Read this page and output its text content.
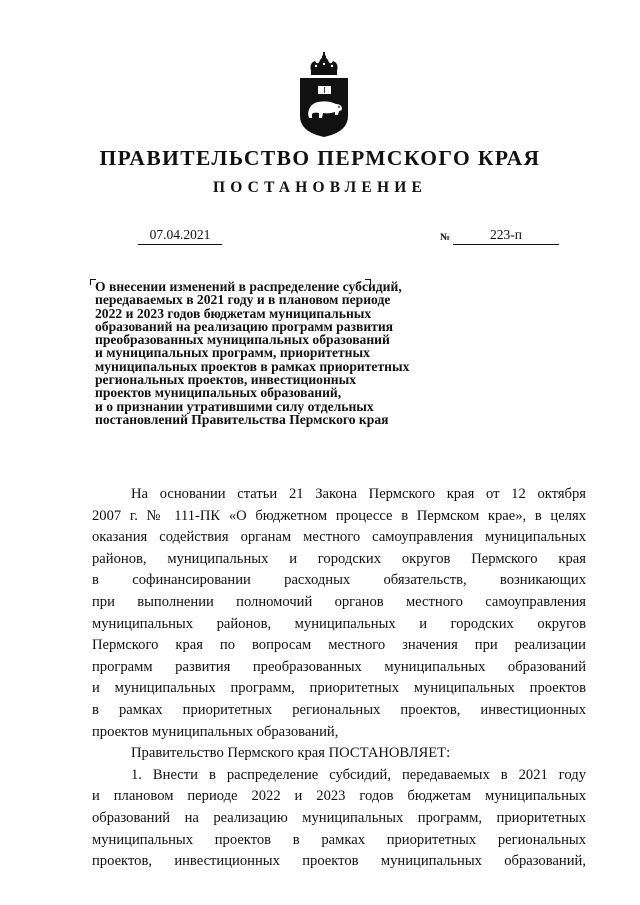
ПРАВИТЕЛЬСТВО ПЕРМСКОГО КРАЯ
ПОСТАНОВЛЕНИЕ
07.04.2021	№	223-п
О внесении изменений в распределение субсидий,
передаваемых в 2021 году и в плановом периоде
2022 и 2023 годов бюджетам муниципальных
образований на реализацию программ развития
преобразованных муниципальных образований
и муниципальных программ, приоритетных
муниципальных проектов в рамках приоритетных
региональных проектов, инвестиционных
проектов муниципальных образований,
и о признании утратившими силу отдельных
постановлений Правительства Пермского края
На основании статьи 21 Закона Пермского края от 12 октября
2007 г. № 111-ПК «О бюджетном процессе в Пермском крае», в целях
оказания содействия органам местного самоуправления муниципальных
районов, муниципальных и городских округов Пермского края
в софинансировании расходных обязательств, возникающих
при выполнении полномочий органов местного самоуправления
муниципальных районов, муниципальных и городских округов
Пермского края по вопросам местного значения при реализации
программ развития преобразованных муниципальных образований
и муниципальных программ, приоритетных муниципальных проектов
в рамках приоритетных региональных проектов, инвестиционных
проектов муниципальных образований,
Правительство Пермского края ПОСТАНОВЛЯЕТ:
1. Внести в распределение субсидий, передаваемых в 2021 году
и плановом периоде 2022 и 2023 годов бюджетам муниципальных
образований на реализацию муниципальных программ, приоритетных
муниципальных проектов в рамках приоритетных региональных
проектов, инвестиционных проектов муниципальных образований,
